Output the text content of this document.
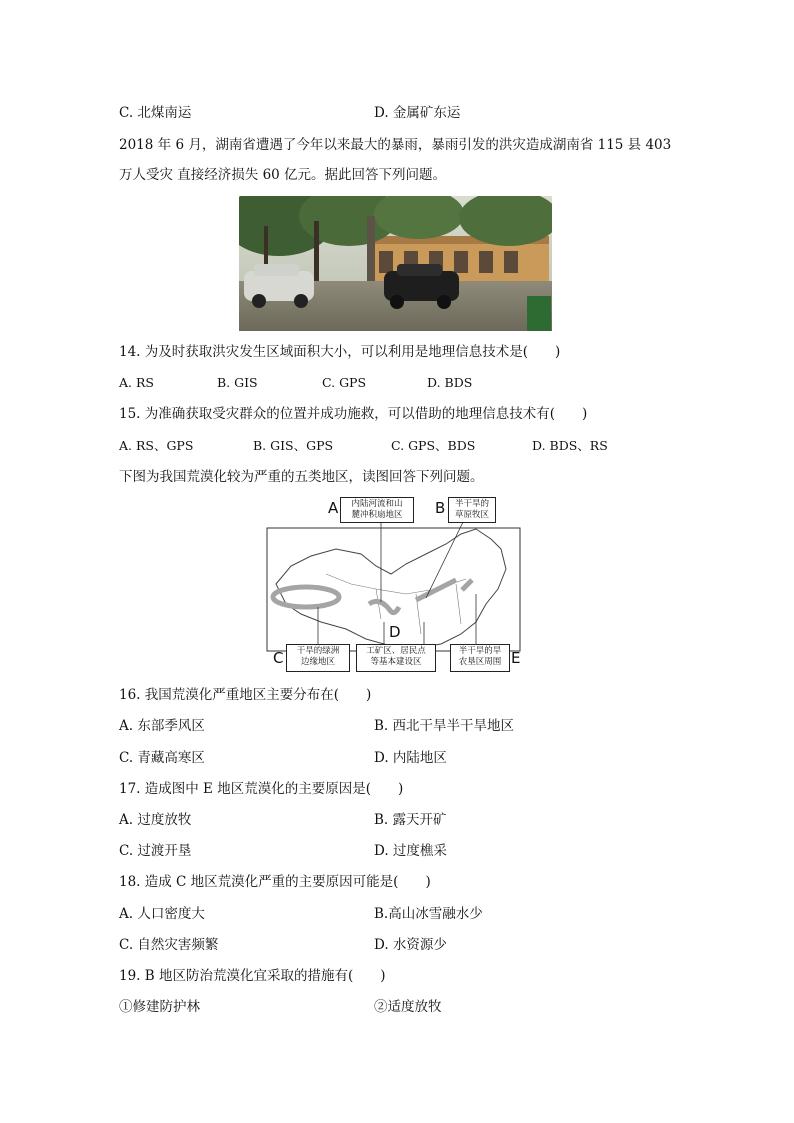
C. 北煤南运	D. 金属矿东运
2018 年 6 月，湖南省遭遇了今年以来最大的暴雨，暴雨引发的洪灾造成湖南省 115 县 403
万人受灾 直接经济损失 60 亿元。据此回答下列问题。
14. 为及时获取洪灾发生区域面积大小，可以利用是地理信息技术是(　　)
A. RS	B. GIS	C. GPS	D. BDS
15. 为准确获取受灾群众的位置并成功施救，可以借助的地理信息技术有(　　)
A. RS、GPS	B. GIS、GPS	C. GPS、BDS	D. BDS、RS
下图为我国荒漠化较为严重的五类地区，读图回答下列问题。
A	内陆河流和山
麓冲积扇地区	B	半干旱的
草原牧区
D
C	干旱的绿洲
边缘地区
工矿区、居民点
等基本建设区
半干旱的旱
农垦区周围 E
16. 我国荒漠化严重地区主要分布在(　　)
A. 东部季风区	B. 西北干旱半干旱地区
C. 青藏高寒区	D. 内陆地区
17. 造成图中 E 地区荒漠化的主要原因是(　　)
A. 过度放牧	B. 露天开矿
C. 过渡开垦	D. 过度樵采
18. 造成 C 地区荒漠化严重的主要原因可能是(　　)
A. 人口密度大	B.高山冰雪融水少
C. 自然灾害频繁	D. 水资源少
19. B 地区防治荒漠化宜采取的措施有(　　)
①修建防护林	②适度放牧
